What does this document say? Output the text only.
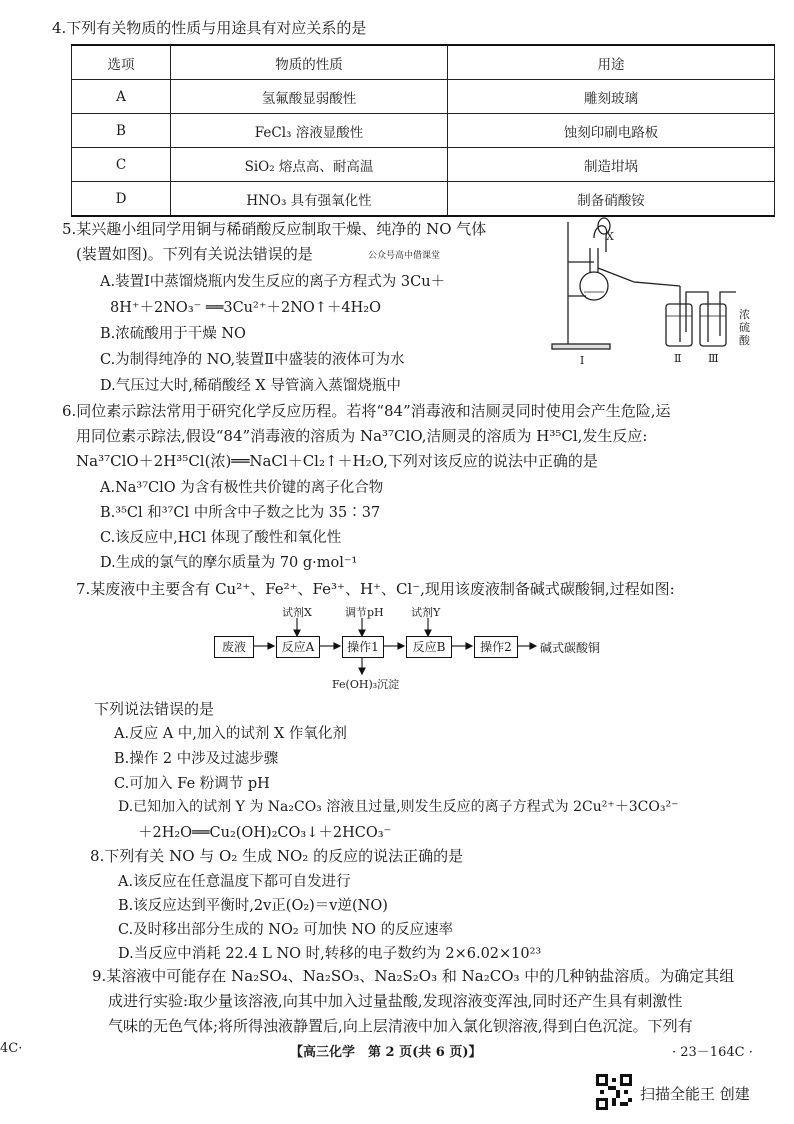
4.下列有关物质的性质与用途具有对应关系的是
选项	物质的性质	用途
A	氢氟酸显弱酸性	雕刻玻璃
B	FeCl₃ 溶液显酸性	蚀刻印刷电路板
C	SiO₂ 熔点高、耐高温	制造坩埚
D	HNO₃ 具有强氧化性	制备硝酸铵
5.某兴趣小组同学用铜与稀硝酸反应制取干燥、纯净的 NO 气体
(装置如图)。下列有关说法错误的是	公众号高中借课堂
A.装置Ⅰ中蒸馏烧瓶内发生反应的离子方程式为 3Cu＋
8H⁺＋2NO₃⁻ ══3Cu²⁺＋2NO↑＋4H₂O
B.浓硫酸用于干燥 NO
C.为制得纯净的 NO,装置Ⅱ中盛装的液体可为水
D.气压过大时,稀硝酸经 X 导管滴入蒸馏烧瓶中
X
Ⅰ	Ⅱ Ⅲ
浓硫酸
6.同位素示踪法常用于研究化学反应历程。若将“84”消毒液和洁厕灵同时使用会产生危险,运
用同位素示踪法,假设“84”消毒液的溶质为 Na³⁷ClO,洁厕灵的溶质为 H³⁵Cl,发生反应:
Na³⁷ClO＋2H³⁵Cl(浓)══NaCl＋Cl₂↑＋H₂O,下列对该反应的说法中正确的是
A.Na³⁷ClO 为含有极性共价键的离子化合物
B.³⁵Cl 和³⁷Cl 中所含中子数之比为 35∶37
C.该反应中,HCl 体现了酸性和氧化性
D.生成的氯气的摩尔质量为 70 g·mol⁻¹
7.某废液中主要含有 Cu²⁺、Fe²⁺、Fe³⁺、H⁺、Cl⁻,现用该废液制备碱式碳酸铜,过程如图:
废液	反应A	操作1	反应B	操作2	碱式碳酸铜
试剂X	调节pH 试剂Y
Fe(OH)₃沉淀
下列说法错误的是
A.反应 A 中,加入的试剂 X 作氧化剂
B.操作 2 中涉及过滤步骤
C.可加入 Fe 粉调节 pH
D.已知加入的试剂 Y 为 Na₂CO₃ 溶液且过量,则发生反应的离子方程式为 2Cu²⁺＋3CO₃²⁻
＋2H₂O══Cu₂(OH)₂CO₃↓＋2HCO₃⁻
8.下列有关 NO 与 O₂ 生成 NO₂ 的反应的说法正确的是
A.该反应在任意温度下都可自发进行
B.该反应达到平衡时,2v正(O₂)＝v逆(NO)
C.及时移出部分生成的 NO₂ 可加快 NO 的反应速率
D.当反应中消耗 22.4 L NO 时,转移的电子数约为 2×6.02×10²³
9.某溶液中可能存在 Na₂SO₄、Na₂SO₃、Na₂S₂O₃ 和 Na₂CO₃ 中的几种钠盐溶质。为确定其组
成进行实验:取少量该溶液,向其中加入过量盐酸,发现溶液变浑浊,同时还产生具有刺激性
气味的无色气体;将所得浊液静置后,向上层清液中加入氯化钡溶液,得到白色沉淀。下列有
4C·	【高三化学　第 2 页(共 6 页)】	· 23－164C ·
扫描全能王 创建
